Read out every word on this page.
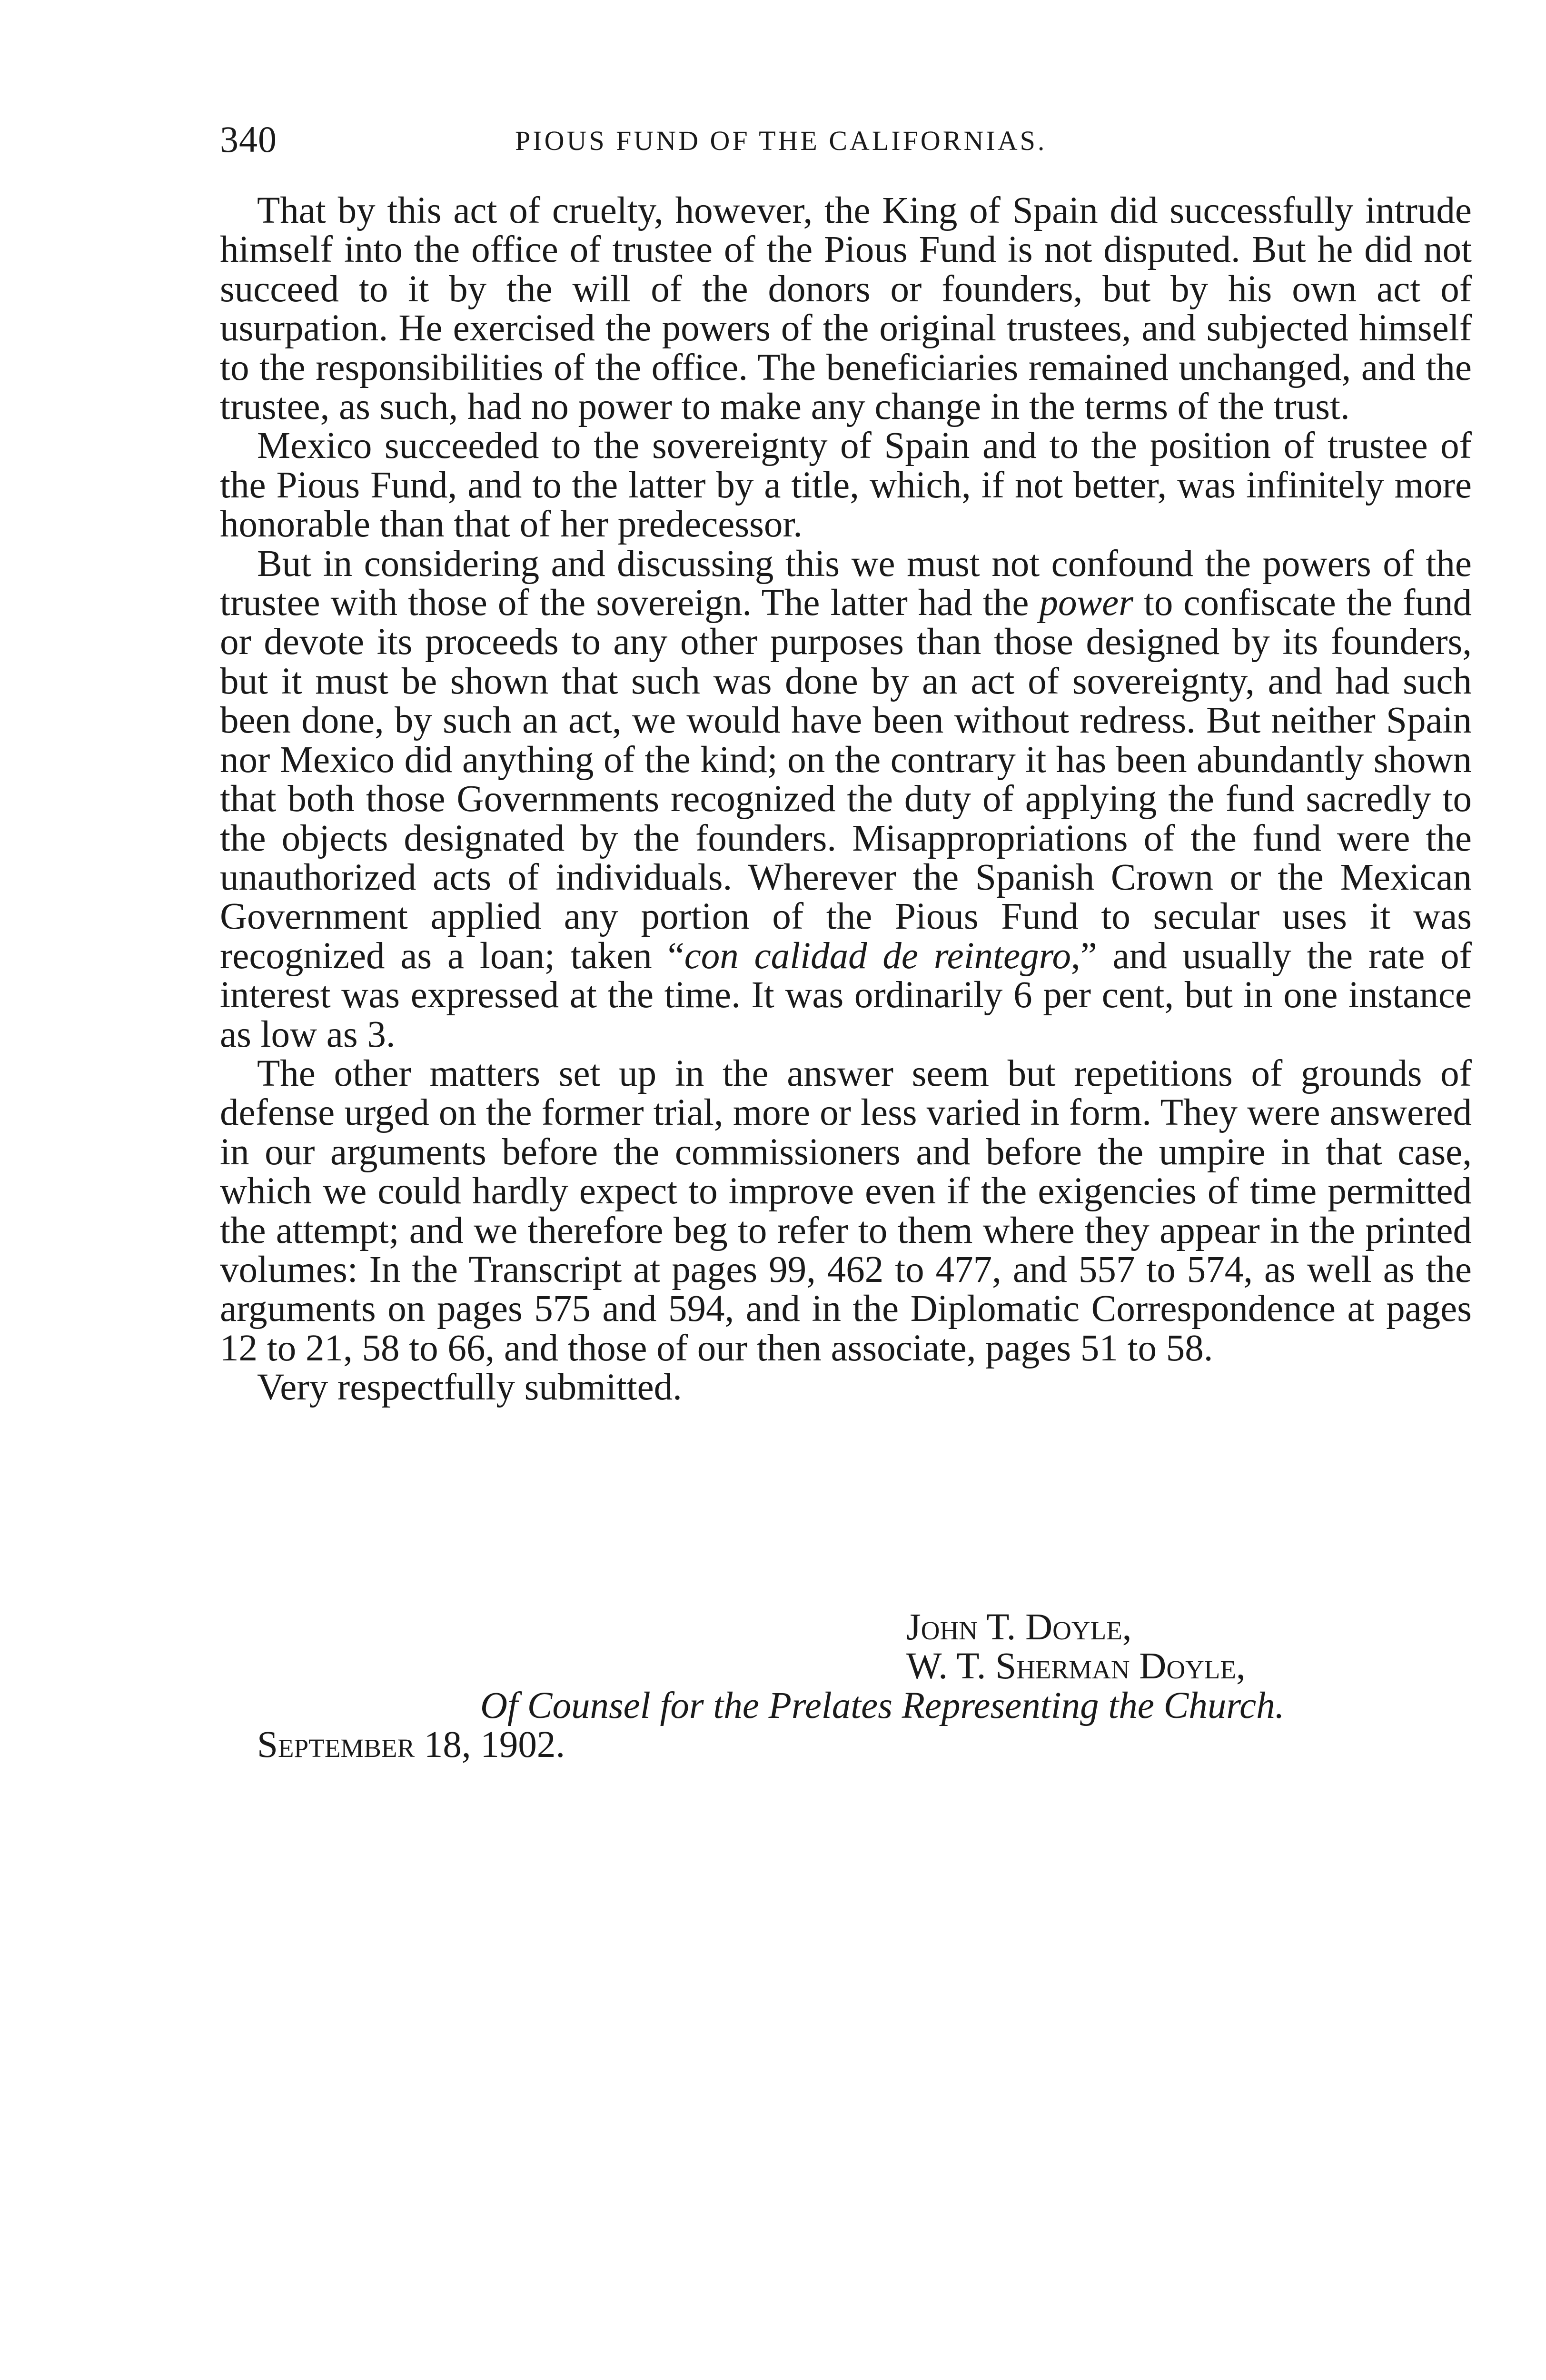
340	PIOUS FUND OF THE CALIFORNIAS.

That by this act of cruelty, however, the King of Spain did successfully intrude himself into the office of trustee of the Pious Fund is not disputed. But he did not succeed to it by the will of the donors or founders, but by his own act of usurpation. He exercised the powers of the original trustees, and subjected himself to the responsibilities of the office. The beneficiaries remained unchanged, and the trustee, as such, had no power to make any change in the terms of the trust.

Mexico succeeded to the sovereignty of Spain and to the position of trustee of the Pious Fund, and to the latter by a title, which, if not better, was infinitely more honorable than that of her predecessor.

But in considering and discussing this we must not confound the powers of the trustee with those of the sovereign. The latter had the power to confiscate the fund or devote its proceeds to any other purposes than those designed by its founders, but it must be shown that such was done by an act of sovereignty, and had such been done, by such an act, we would have been without redress. But neither Spain nor Mexico did anything of the kind; on the contrary it has been abundantly shown that both those Governments recognized the duty of applying the fund sacredly to the objects designated by the founders. Misappropriations of the fund were the unauthorized acts of individuals. Wherever the Spanish Crown or the Mexican Government applied any portion of the Pious Fund to secular uses it was recognized as a loan; taken “con calidad de reintegro,” and usually the rate of interest was expressed at the time. It was ordinarily 6 per cent, but in one instance as low as 3.

The other matters set up in the answer seem but repetitions of grounds of defense urged on the former trial, more or less varied in form. They were answered in our arguments before the commissioners and before the umpire in that case, which we could hardly expect to improve even if the exigencies of time permitted the attempt; and we therefore beg to refer to them where they appear in the printed volumes: In the Transcript at pages 99, 462 to 477, and 557 to 574, as well as the arguments on pages 575 and 594, and in the Diplomatic Correspondence at pages 12 to 21, 58 to 66, and those of our then associate, pages 51 to 58.

Very respectfully submitted.

John T. Doyle,
W. T. Sherman Doyle,
Of Counsel for the Prelates Representing the Church.
September 18, 1902.
